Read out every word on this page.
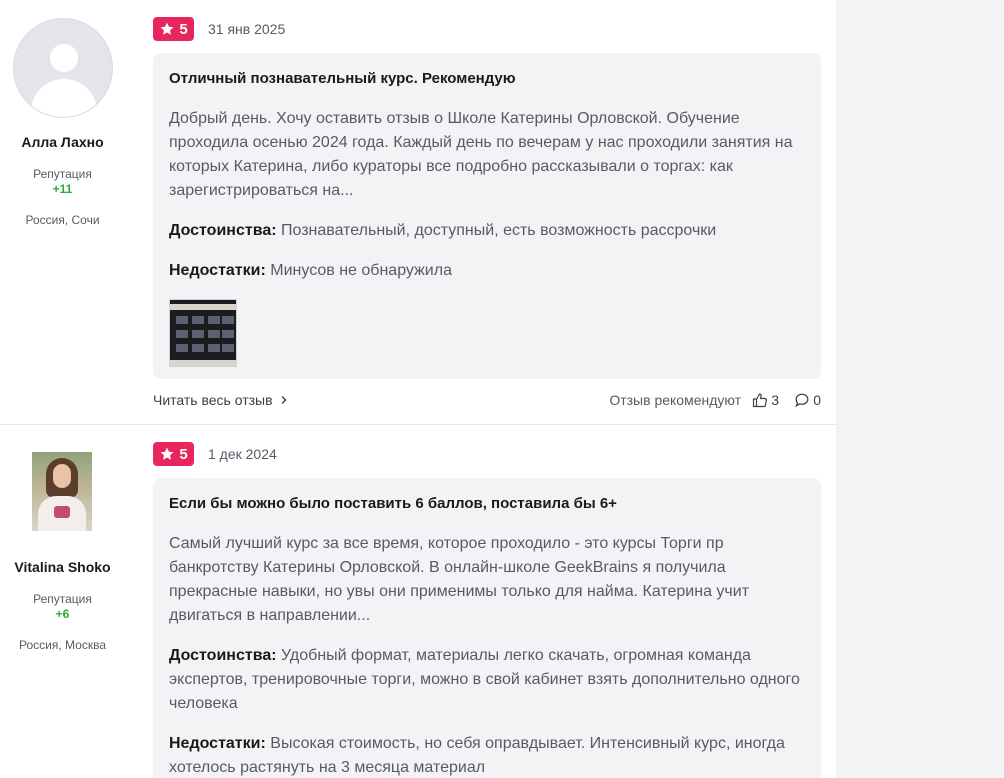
Алла Лахно
Репутация
+11
Россия, Сочи
5 31 янв 2025
Отличный познавательный курс. Рекомендую
Добрый день. Хочу оставить отзыв о Школе Катерины Орловской. Обучение проходила осенью 2024 года. Каждый день по вечерам у нас проходили занятия на которых Катерина, либо кураторы все подробно рассказывали о торгах: как зарегистрироваться на...
Достоинства: Познавательный, доступный, есть возможность рассрочки
Недостатки: Минусов не обнаружила
Читать весь отзыв	Отзыв рекомендуют 3 0
Vitalina Shoko
Репутация
+6
Россия, Москва
5 1 дек 2024
Если бы можно было поставить 6 баллов, поставила бы 6+
Самый лучший курс за все время, которое проходило - это курсы Торги пр банкротству Катерины Орловской. В онлайн-школе GeekBrains я получила прекрасные навыки, но увы они применимы только для найма. Катерина учит двигаться в направлении...
Достоинства: Удобный формат, материалы легко скачать, огромная команда экспертов, тренировочные торги, можно в свой кабинет взять дополнительно одного человека
Недостатки: Высокая стоимость, но себя оправдывает. Интенсивный курс, иногда хотелось растянуть на 3 месяца материал
